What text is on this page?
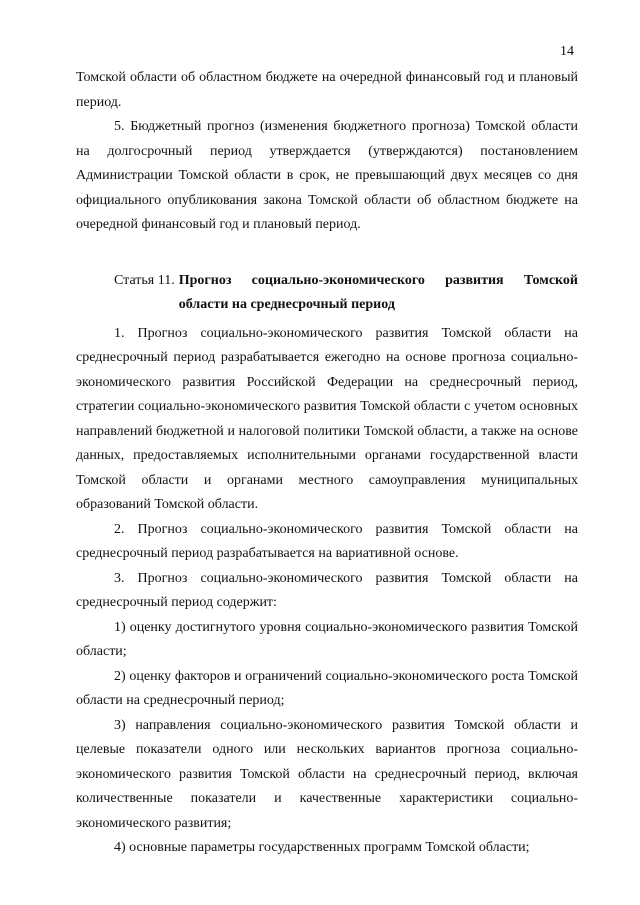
14

Томской области об областном бюджете на очередной финансовый год и плановый период.

5. Бюджетный прогноз (изменения бюджетного прогноза) Томской области на долгосрочный период утверждается (утверждаются) постановлением Администрации Томской области в срок, не превышающий двух месяцев со дня официального опубликования закона Томской области об областном бюджете на очередной финансовый год и плановый период.

Статья 11. Прогноз социально-экономического развития Томской
области на среднесрочный период

1. Прогноз социально-экономического развития Томской области на среднесрочный период разрабатывается ежегодно на основе прогноза социально-экономического развития Российской Федерации на среднесрочный период, стратегии социально-экономического развития Томской области с учетом основных направлений бюджетной и налоговой политики Томской области, а также на основе данных, предоставляемых исполнительными органами государственной власти Томской области и органами местного самоуправления муниципальных образований Томской области.

2. Прогноз социально-экономического развития Томской области на среднесрочный период разрабатывается на вариативной основе.

3. Прогноз социально-экономического развития Томской области на среднесрочный период содержит:

1) оценку достигнутого уровня социально-экономического развития Томской области;

2) оценку факторов и ограничений социально-экономического роста Томской области на среднесрочный период;

3) направления социально-экономического развития Томской области и целевые показатели одного или нескольких вариантов прогноза социально-экономического развития Томской области на среднесрочный период, включая количественные показатели и качественные характеристики социально-экономического развития;

4) основные параметры государственных программ Томской области;
